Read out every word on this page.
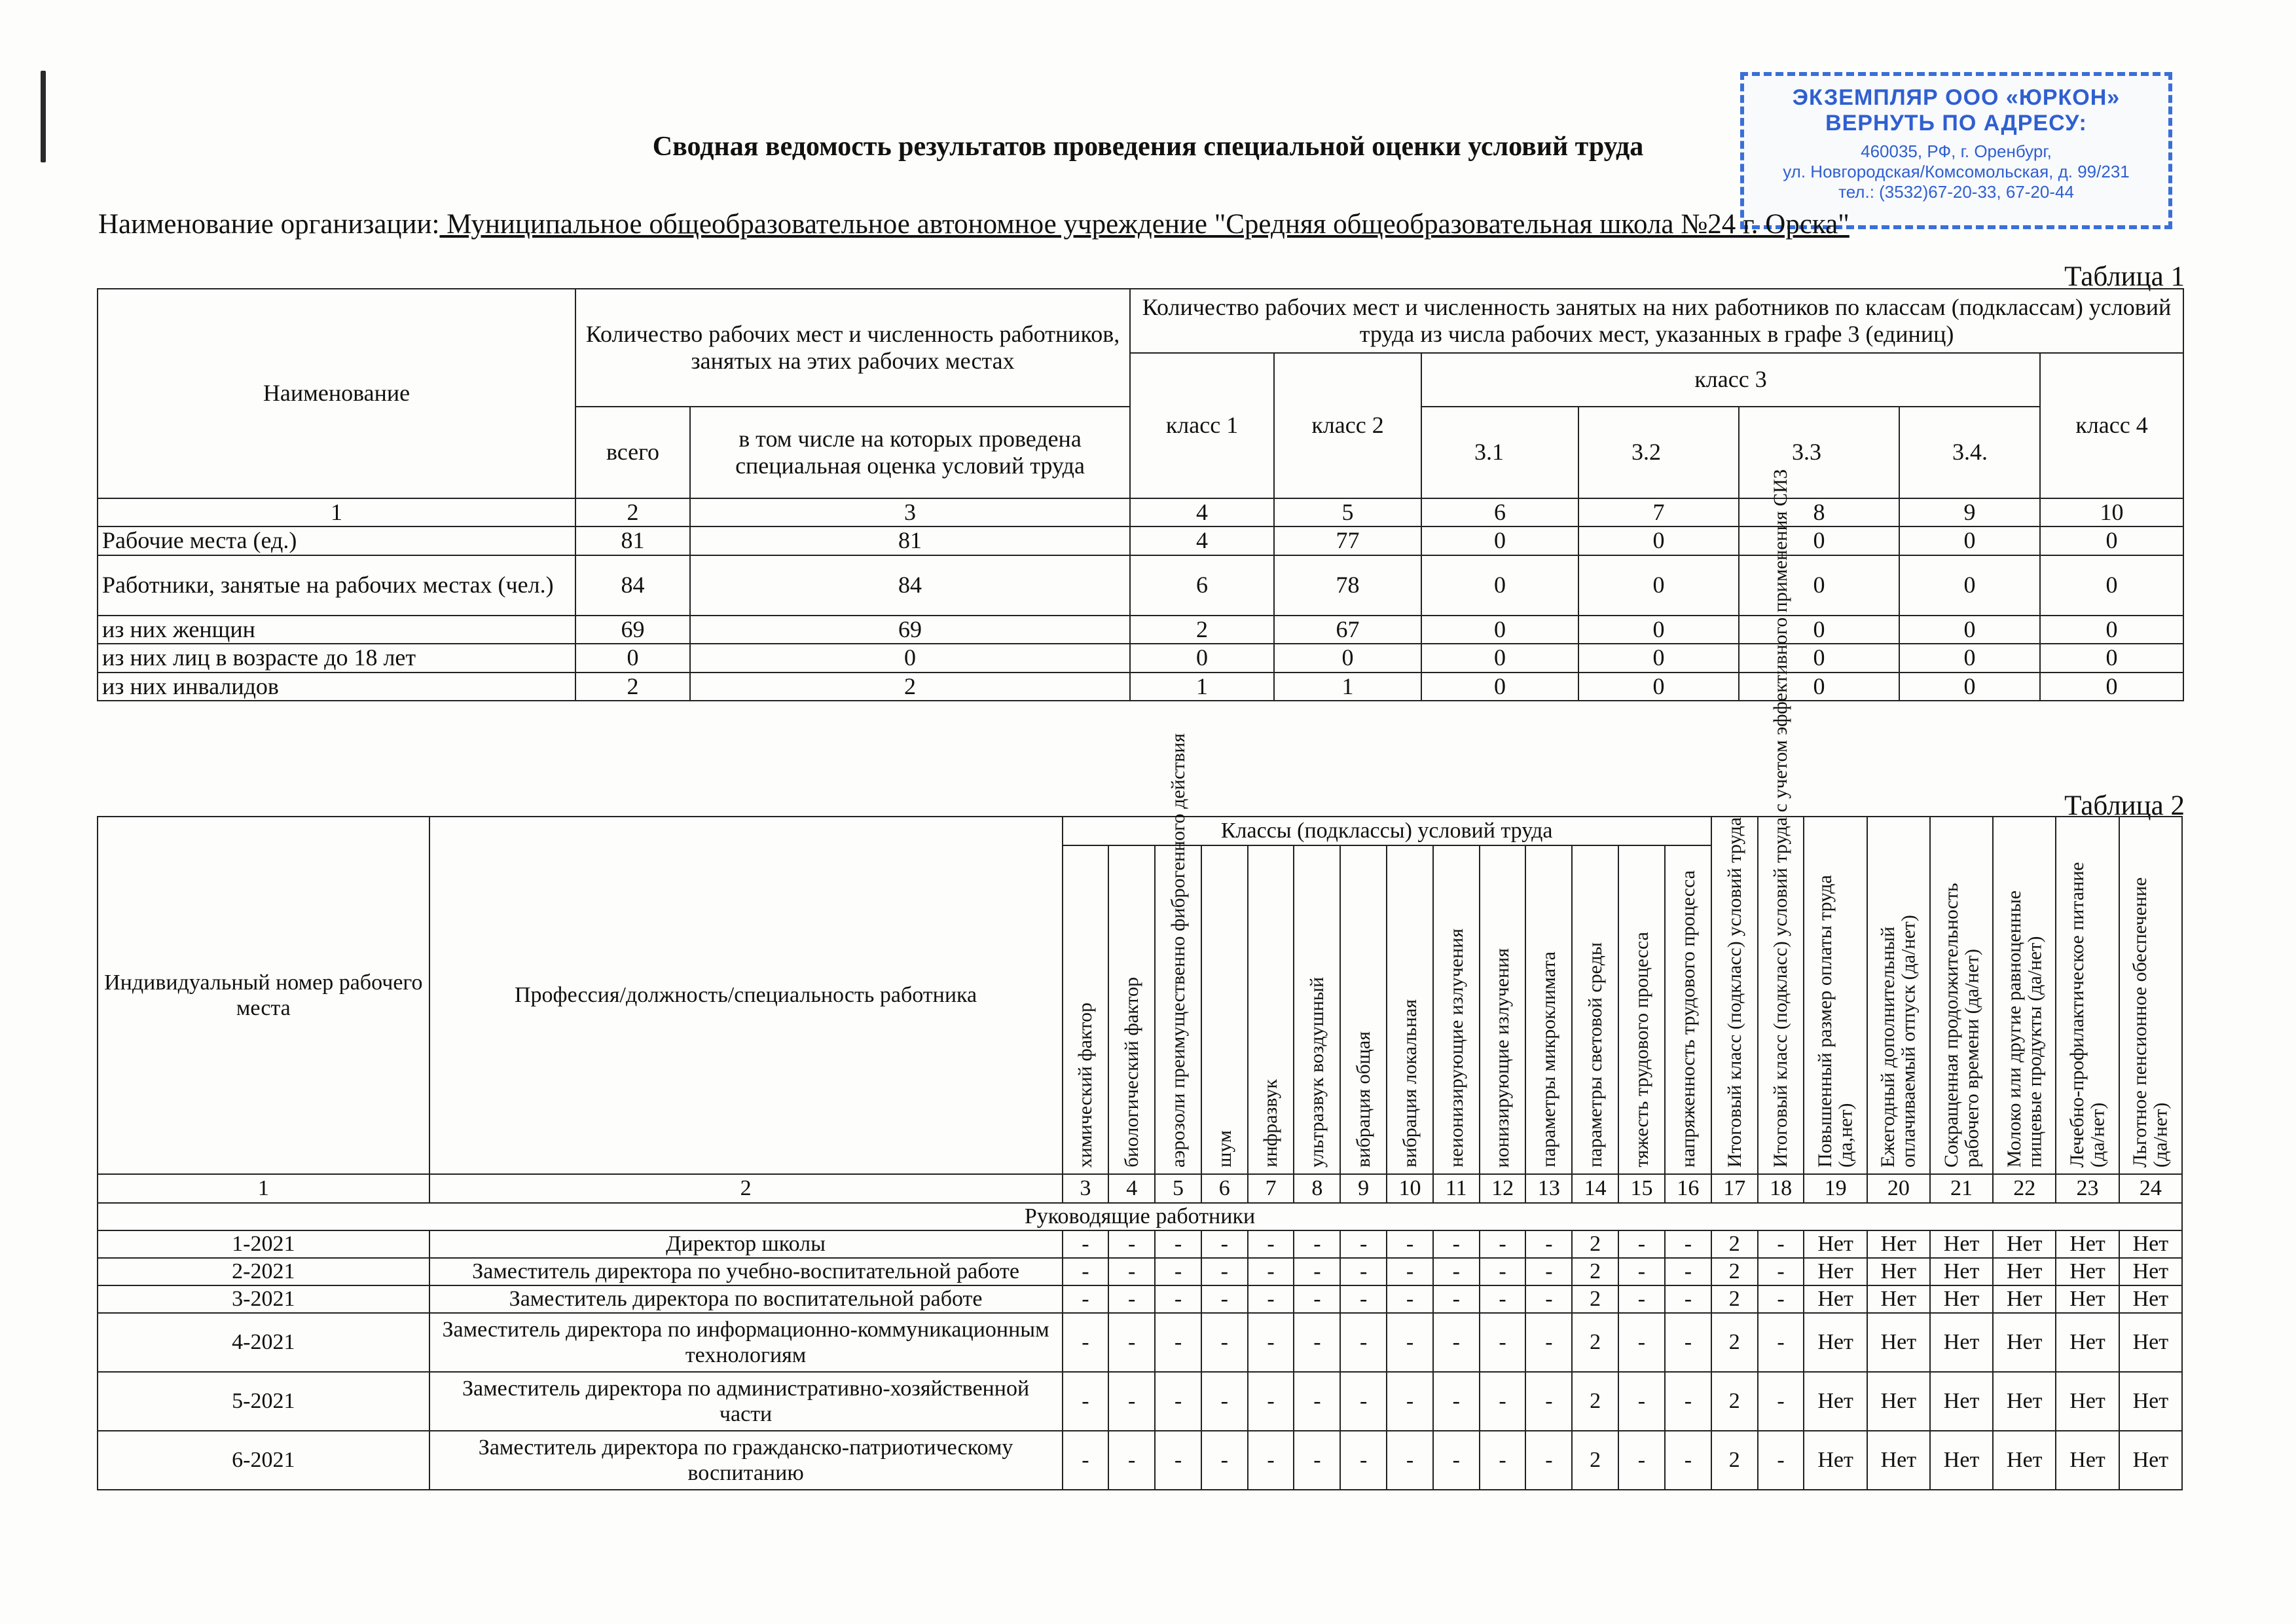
ЭКЗЕМПЛЯР ООО «ЮРКОН»
ВЕРНУТЬ ПО АДРЕСУ:
460035, РФ, г. Оренбург,
ул. Новгородская/Комсомольская, д. 99/231
тел.: (3532)67-20-33, 67-20-44
Сводная ведомость результатов проведения специальной оценки условий труда
Наименование организации: Муниципальное общеобразовательное автономное учреждение "Средняя общеобразовательная школа №24 г. Орска"
Таблица 1
Наименование	Количество рабочих мест и численность работников, занятых на этих рабочих местах		Количество рабочих мест и численность занятых на них работников по классам (подклассам) условий труда из числа рабочих мест, указанных в графе 3 (единиц)						
			класс 1	класс 2	класс 3				класс 4
	всего	в том числе на которых проведена специальная оценка условий труда			3.1	3.2	3.3	3.4.	
1	2	3	4	5	6	7	8	9	10
Рабочие места (ед.)	81	81	4	77	0	0	0	0	0
Работники, занятые на рабочих местах (чел.)	84	84	6	78	0	0	0	0	0
из них женщин	69	69	2	67	0	0	0	0	0
из них лиц в возрасте до 18 лет	0	0	0	0	0	0	0	0	0
из них инвалидов	2	2	1	1	0	0	0	0	0
Таблица 2
Индивидуальный номер рабочего места	Профессия/должность/специальность работника	Классы (подклассы) условий труда														Итоговый класс (подкласс) условий труда	Итоговый класс (подкласс) условий труда с учетом эффективного применения СИЗ	Повышенный размер оплаты труда (да,нет)	Ежегодный дополнительный оплачиваемый отпуск (да/нет)	Сокращенная продолжительность рабочего времени (да/нет)	Молоко или другие равноценные пищевые продукты (да/нет)	Лечебно-профилактическое питание (да/нет)	Льготное пенсионное обеспечение (да/нет)
		химический фактор	биологический фактор	аэрозоли преимущественно фиброгенного действия	шум	инфразвук	ультразвук воздушный	вибрация общая	вибрация локальная	неионизирующие излучения	ионизирующие излучения	параметры микроклимата	параметры световой среды	тяжесть трудового процесса	напряженность трудового процесса								
1	2	3	4	5	6	7	8	9	10	11	12	13	14	15	16	17	18	19	20	21	22	23	24
Руководящие работники																							
1-2021	Директор школы	-	-	-	-	-	-	-	-	-	-	-	2	-	-	2	-	Нет	Нет	Нет	Нет	Нет	Нет
2-2021	Заместитель директора по учебно-воспитательной работе	-	-	-	-	-	-	-	-	-	-	-	2	-	-	2	-	Нет	Нет	Нет	Нет	Нет	Нет
3-2021	Заместитель директора по воспитательной работе	-	-	-	-	-	-	-	-	-	-	-	2	-	-	2	-	Нет	Нет	Нет	Нет	Нет	Нет
4-2021	Заместитель директора по информационно-коммуникационным технологиям	-	-	-	-	-	-	-	-	-	-	-	2	-	-	2	-	Нет	Нет	Нет	Нет	Нет	Нет
5-2021	Заместитель директора по административно-хозяйственной части	-	-	-	-	-	-	-	-	-	-	-	2	-	-	2	-	Нет	Нет	Нет	Нет	Нет	Нет
6-2021	Заместитель директора по гражданско-патриотическому воспитанию	-	-	-	-	-	-	-	-	-	-	-	2	-	-	2	-	Нет	Нет	Нет	Нет	Нет	Нет
